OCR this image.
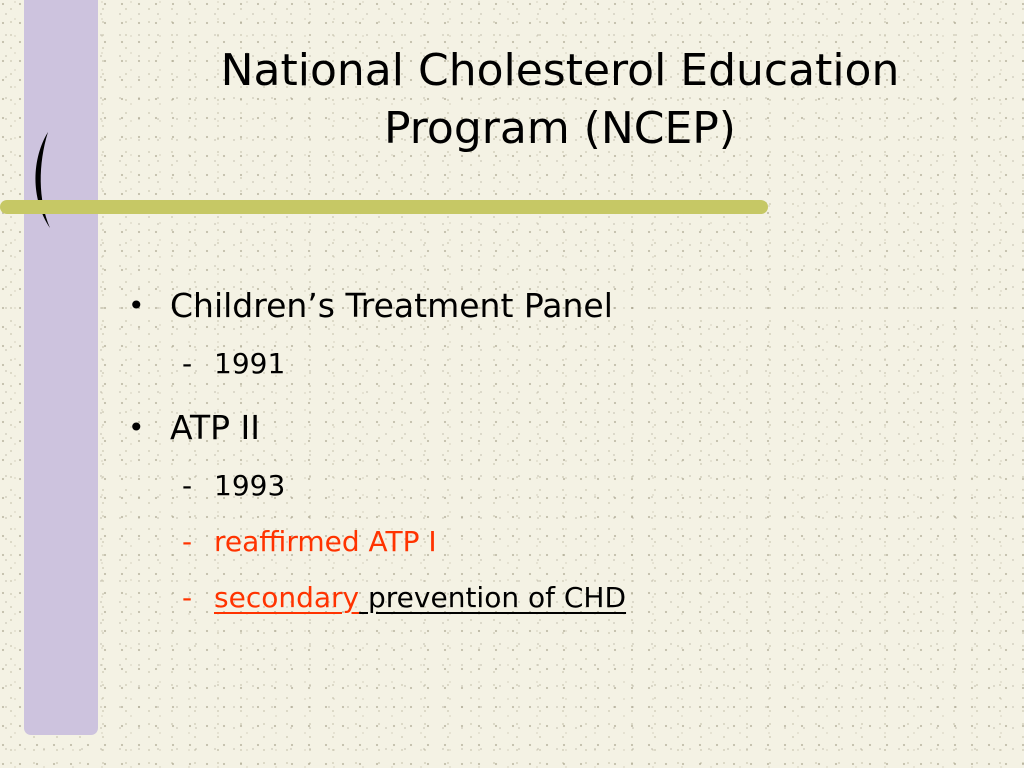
National Cholesterol Education
Program (NCEP)
• Children’s Treatment Panel
- 1991
• ATP II
- 1993
- reaffirmed ATP I
- secondary prevention of CHD
